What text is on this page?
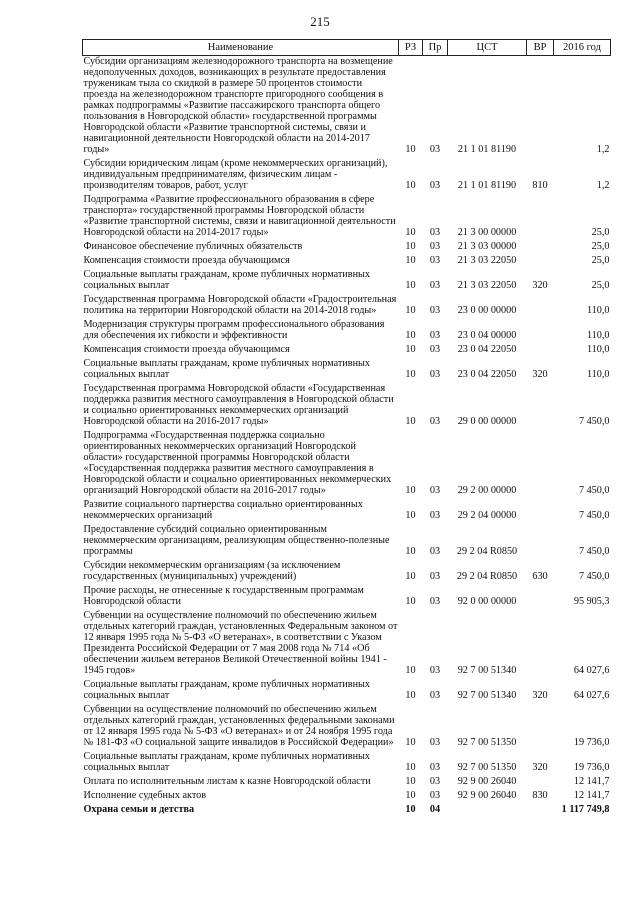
215
Наименование	РЗ	Пр	ЦСТ	ВР	2016 год
Субсидии организациям железнодорожного транспорта на возмещение недополученных доходов, возникающих в результате предоставления труженикам тыла со скидкой в размере 50 процентов стоимости проезда на железнодорожном транспорте пригородного сообщения в рамках подпрограммы «Развитие пассажирского транспорта общего пользования в Новгородской области» государственной программы Новгородской области «Развитие транспортной системы, связи и навигационной деятельности Новгородской области на 2014-2017 годы»	10	03	21 1 01 81190		1,2
Субсидии юридическим лицам (кроме некоммерческих организаций), индивидуальным предпринимателям, физическим лицам - производителям товаров, работ, услуг	10	03	21 1 01 81190	810	1,2
Подпрограмма «Развитие профессионального образования в сфере транспорта» государственной программы Новгородской области «Развитие транспортной системы, связи и навигационной деятельности Новгородской области на 2014-2017 годы»	10	03	21 3 00 00000		25,0
Финансовое обеспечение публичных обязательств	10	03	21 3 03 00000		25,0
Компенсация стоимости проезда обучающимся	10	03	21 3 03 22050		25,0
Социальные выплаты гражданам, кроме публичных нормативных социальных выплат	10	03	21 3 03 22050	320	25,0
Государственная программа Новгородской области «Градостроительная политика на территории Новгородской области на 2014-2018 годы»	10	03	23 0 00 00000		110,0
Модернизация структуры программ профессионального образования для обеспечения их гибкости и эффективности	10	03	23 0 04 00000		110,0
Компенсация стоимости проезда обучающимся	10	03	23 0 04 22050		110,0
Социальные выплаты гражданам, кроме публичных нормативных социальных выплат	10	03	23 0 04 22050	320	110,0
Государственная программа Новгородской области «Государственная поддержка развития местного самоуправления в Новгородской области и социально ориентированных некоммерческих организаций Новгородской области на 2016-2017 годы»	10	03	29 0 00 00000		7 450,0
Подпрограмма «Государственная поддержка социально ориентированных некоммерческих организаций Новгородской области» государственной программы Новгородской области «Государственная поддержка развития местного самоуправления в Новгородской области и социально ориентированных некоммерческих организаций Новгородской области на 2016-2017 годы»	10	03	29 2 00 00000		7 450,0
Развитие социального партнерства социально ориентированных некоммерческих организаций	10	03	29 2 04 00000		7 450,0
Предоставление субсидий социально ориентированным некоммерческим организациям, реализующим общественно-полезные программы	10	03	29 2 04 R0850		7 450,0
Субсидии некоммерческим организациям (за исключением государственных (муниципальных) учреждений)	10	03	29 2 04 R0850	630	7 450,0
Прочие расходы, не отнесенные к государственным программам Новгородской области	10	03	92 0 00 00000		95 905,3
Субвенции на осуществление полномочий по обеспечению жильем отдельных категорий граждан, установленных Федеральным законом от 12 января 1995 года № 5-ФЗ «О ветеранах», в соответствии с Указом Президента Российской Федерации от 7 мая 2008 года № 714 «Об обеспечении жильем ветеранов Великой Отечественной войны 1941 - 1945 годов»	10	03	92 7 00 51340		64 027,6
Социальные выплаты гражданам, кроме публичных нормативных социальных выплат	10	03	92 7 00 51340	320	64 027,6
Субвенции на осуществление полномочий по обеспечению жильем отдельных категорий граждан, установленных федеральными законами от 12 января 1995 года № 5-ФЗ «О ветеранах» и от 24 ноября 1995 года № 181-ФЗ «О социальной защите инвалидов в Российской Федерации»	10	03	92 7 00 51350		19 736,0
Социальные выплаты гражданам, кроме публичных нормативных социальных выплат	10	03	92 7 00 51350	320	19 736,0
Оплата по исполнительным листам к казне Новгородской области	10	03	92 9 00 26040		12 141,7
Исполнение судебных актов	10	03	92 9 00 26040	830	12 141,7
Охрана семьи и детства	10	04			1 117 749,8
